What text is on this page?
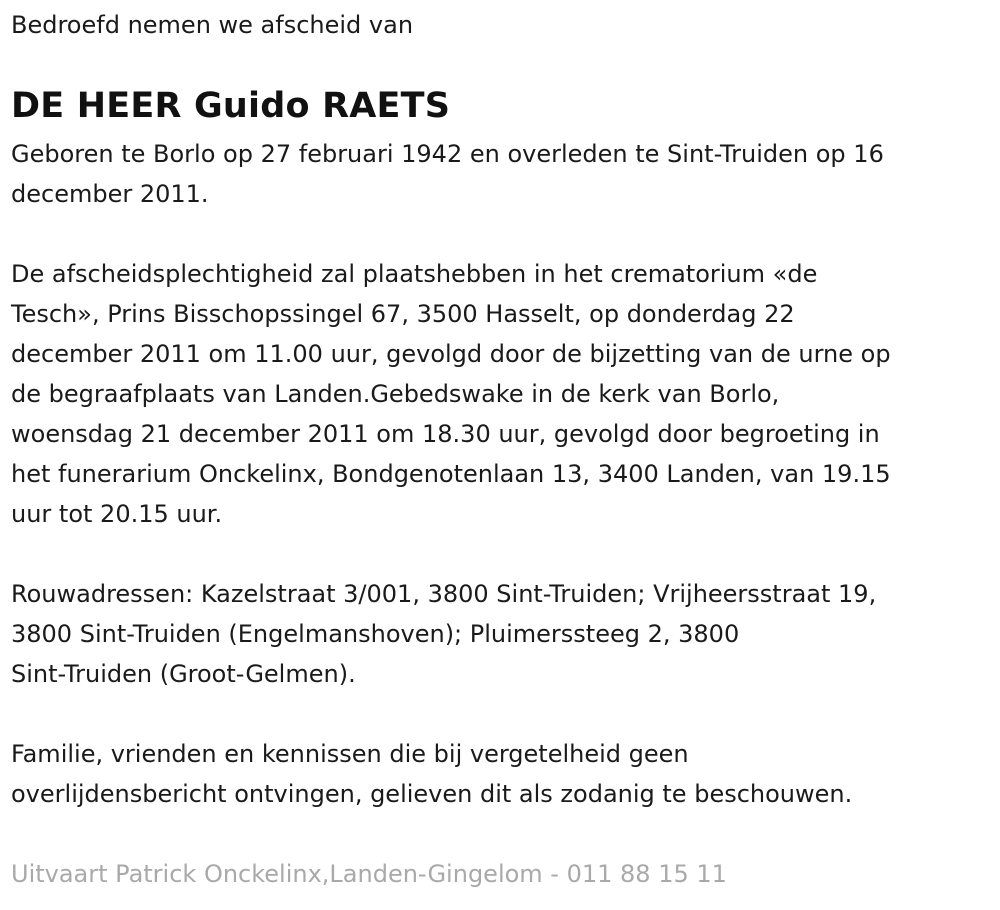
Bedroefd nemen we afscheid van
DE HEER Guido RAETS

Geboren te Borlo op 27 februari 1942 en overleden te Sint-Truiden op 16
december 2011.

De afscheidsplechtigheid zal plaatshebben in het crematorium «de
Tesch», Prins Bisschopssingel 67, 3500 Hasselt, op donderdag 22
december 2011 om 11.00 uur, gevolgd door de bijzetting van de urne op
de begraafplaats van Landen.Gebedswake in de kerk van Borlo,
woensdag 21 december 2011 om 18.30 uur, gevolgd door begroeting in
het funerarium Onckelinx, Bondgenotenlaan 13, 3400 Landen, van 19.15
uur tot 20.15 uur.

Rouwadressen: Kazelstraat 3/001, 3800 Sint-Truiden; Vrijheersstraat 19,
3800 Sint-Truiden (Engelmanshoven); Pluimerssteeg 2, 3800
Sint-Truiden (Groot-Gelmen).

Familie, vrienden en kennissen die bij vergetelheid geen
overlijdensbericht ontvingen, gelieven dit als zodanig te beschouwen.

Uitvaart Patrick Onckelinx,Landen-Gingelom - 011 88 15 11
